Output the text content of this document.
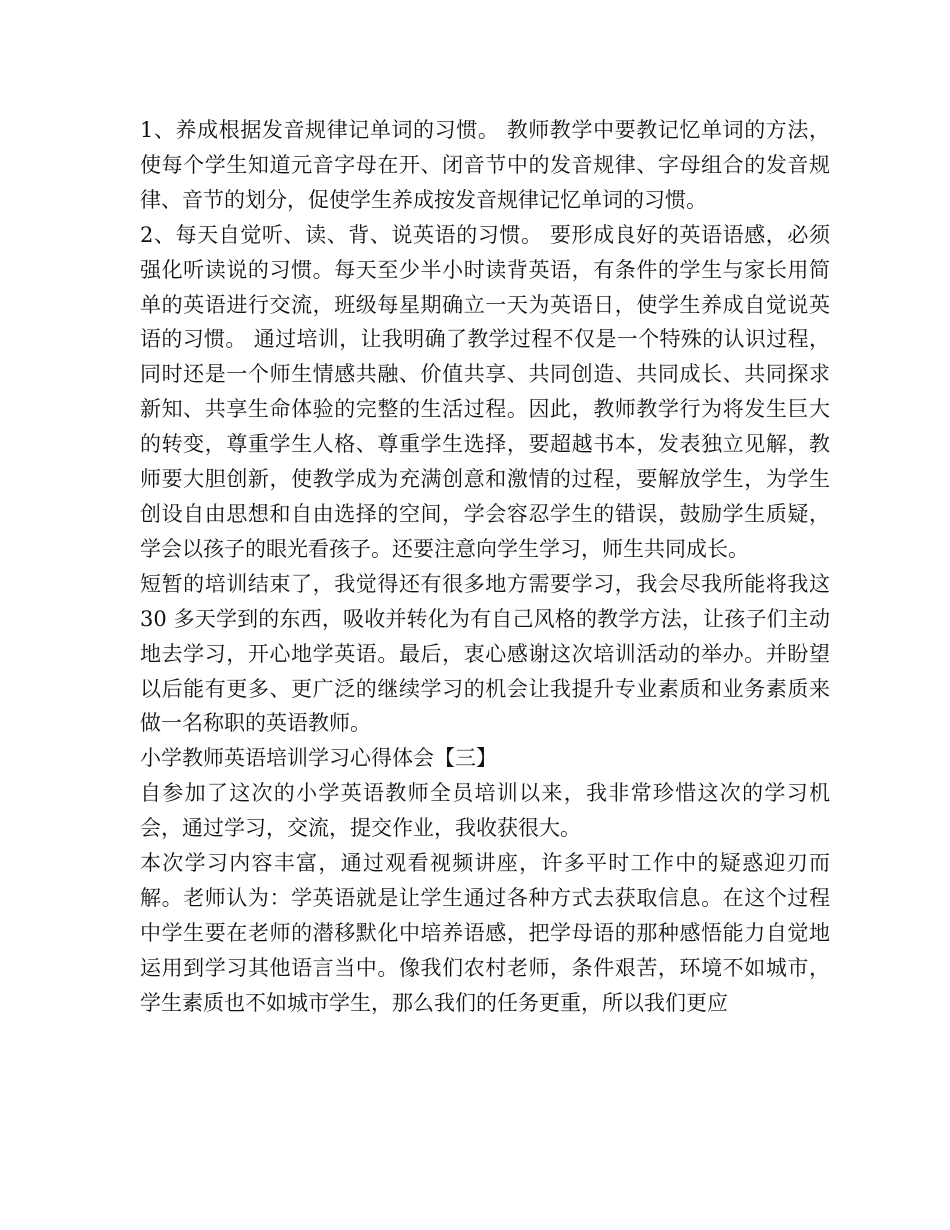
1、养成根据发音规律记单词的习惯。 教师教学中要教记忆单词的方法，使每个学生知道元音字母在开、闭音节中的发音规律、字母组合的发音规律、音节的划分，促使学生养成按发音规律记忆单词的习惯。

2、每天自觉听、读、背、说英语的习惯。 要形成良好的英语语感，必须强化听读说的习惯。每天至少半小时读背英语，有条件的学生与家长用简单的英语进行交流，班级每星期确立一天为英语日，使学生养成自觉说英语的习惯。 通过培训，让我明确了教学过程不仅是一个特殊的认识过程，同时还是一个师生情感共融、价值共享、共同创造、共同成长、共同探求新知、共享生命体验的完整的生活过程。因此，教师教学行为将发生巨大的转变，尊重学生人格、尊重学生选择，要超越书本，发表独立见解，教师要大胆创新，使教学成为充满创意和激情的过程，要解放学生，为学生创设自由思想和自由选择的空间，学会容忍学生的错误，鼓励学生质疑，学会以孩子的眼光看孩子。还要注意向学生学习，师生共同成长。

短暂的培训结束了，我觉得还有很多地方需要学习，我会尽我所能将我这 30 多天学到的东西，吸收并转化为有自己风格的教学方法，让孩子们主动地去学习，开心地学英语。最后，衷心感谢这次培训活动的举办。并盼望以后能有更多、更广泛的继续学习的机会让我提升专业素质和业务素质来做一名称职的英语教师。

小学教师英语培训学习心得体会【三】

自参加了这次的小学英语教师全员培训以来，我非常珍惜这次的学习机会，通过学习，交流，提交作业，我收获很大。

本次学习内容丰富，通过观看视频讲座，许多平时工作中的疑惑迎刃而解。老师认为：学英语就是让学生通过各种方式去获取信息。在这个过程中学生要在老师的潜移默化中培养语感，把学母语的那种感悟能力自觉地运用到学习其他语言当中。像我们农村老师，条件艰苦，环境不如城市，学生素质也不如城市学生，那么我们的任务更重，所以我们更应
